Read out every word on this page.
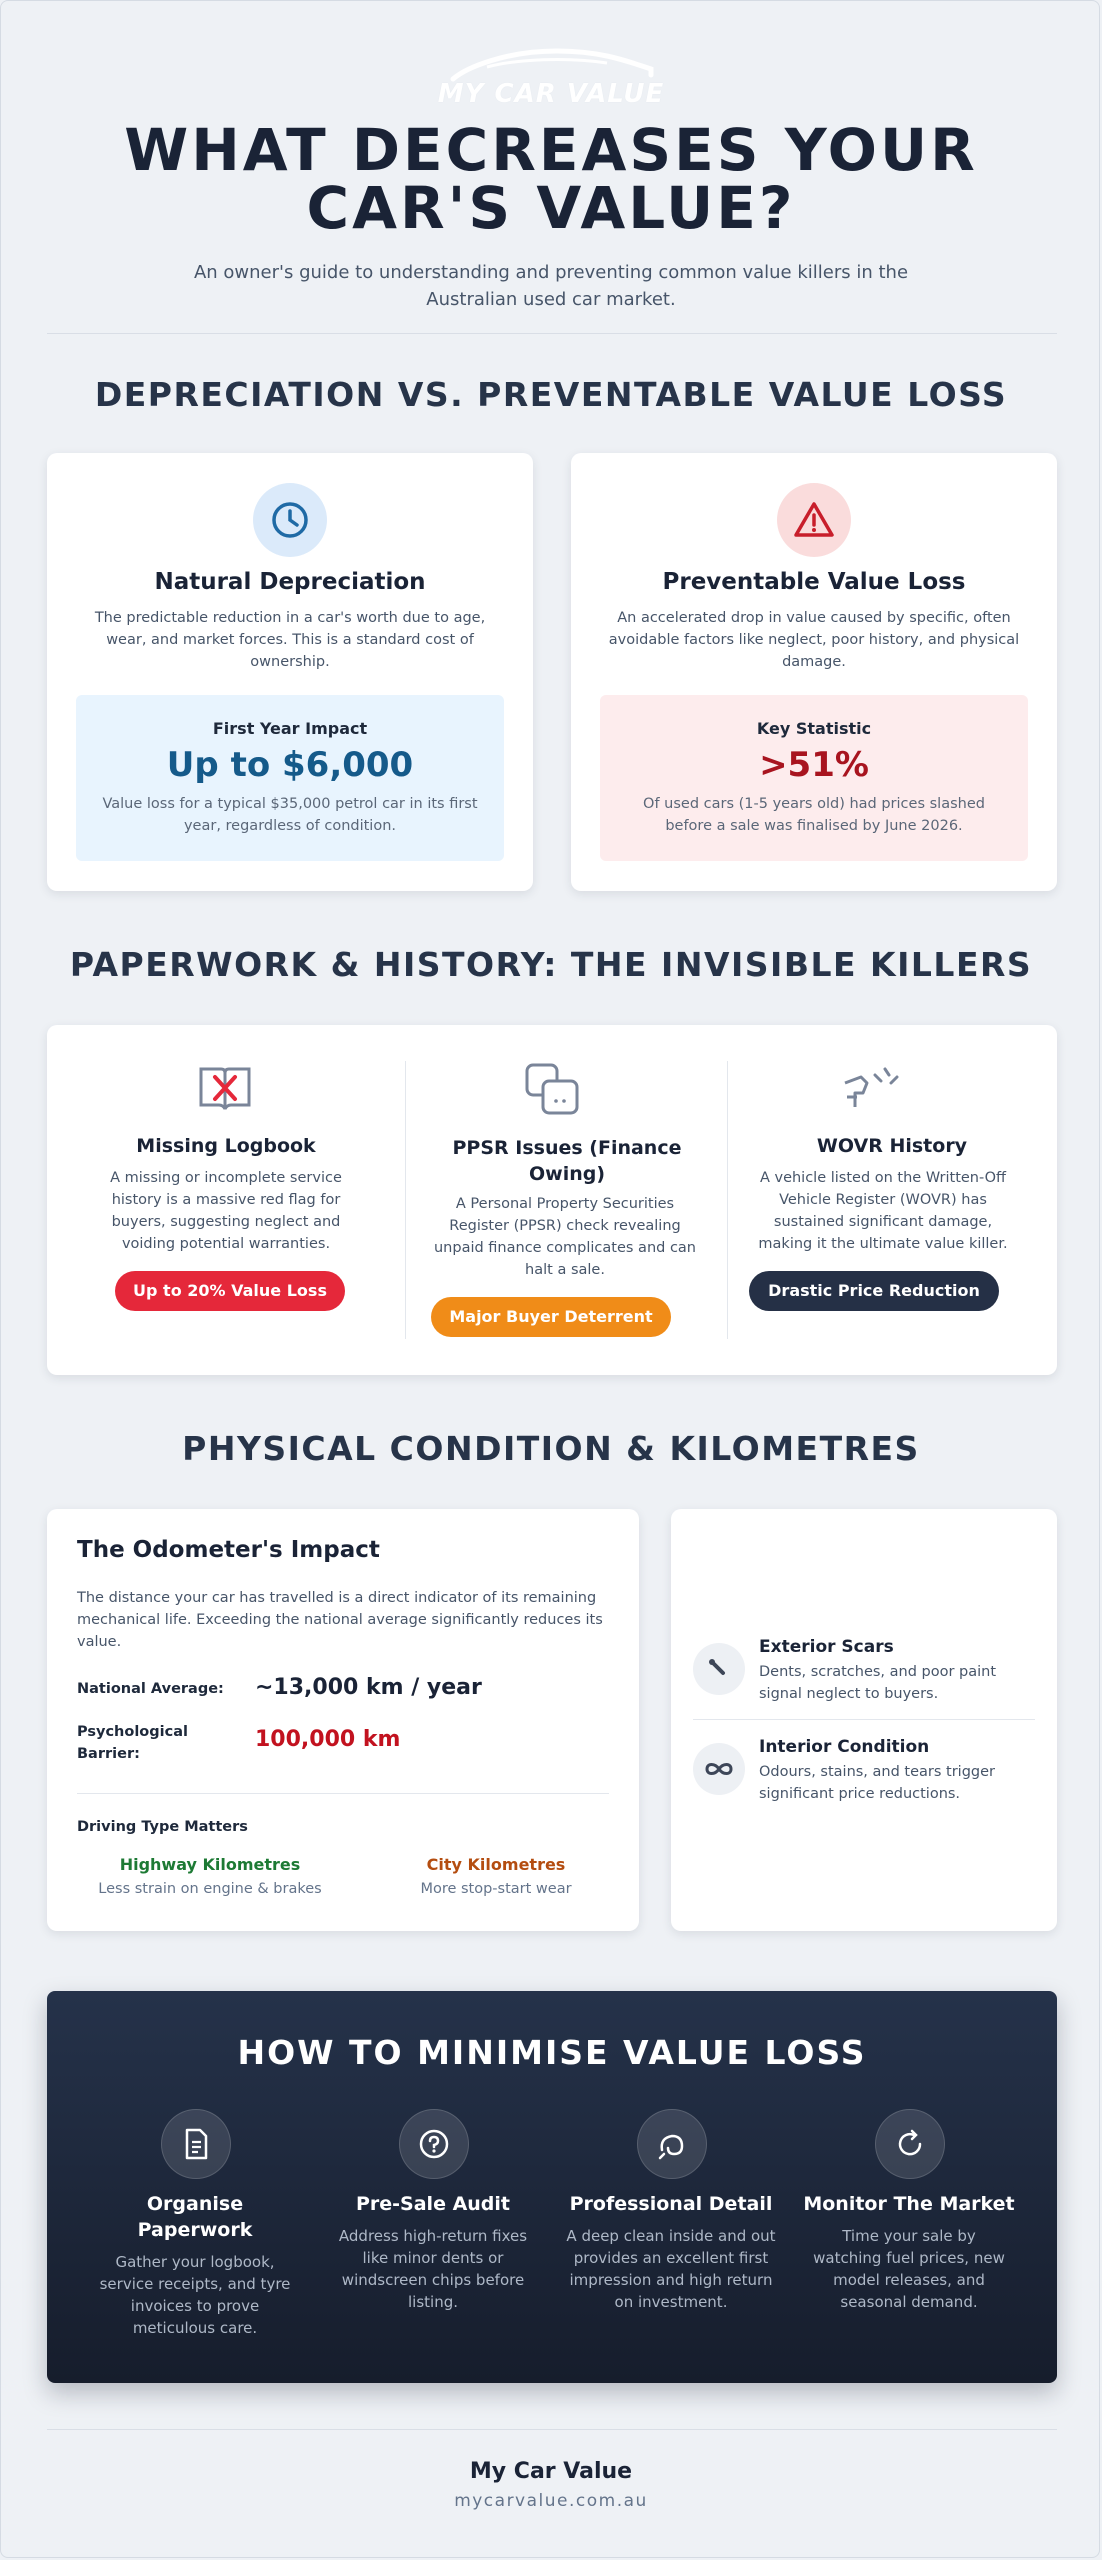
MY CAR VALUE
WHAT DECREASES YOUR
CAR'S VALUE?
An owner's guide to understanding and preventing common value killers in the Australian used car market.
DEPRECIATION VS. PREVENTABLE VALUE LOSS
Natural Depreciation
The predictable reduction in a car's worth due to age, wear, and market forces. This is a standard cost of ownership.
First Year Impact
Up to $6,000
Value loss for a typical $35,000 petrol car in its first year, regardless of condition.
Preventable Value Loss
An accelerated drop in value caused by specific, often avoidable factors like neglect, poor history, and physical damage.
Key Statistic
>51%
Of used cars (1-5 years old) had prices slashed before a sale was finalised by June 2026.
PAPERWORK & HISTORY: THE INVISIBLE KILLERS
Missing Logbook
A missing or incomplete service history is a massive red flag for buyers, suggesting neglect and voiding potential warranties.
Up to 20% Value Loss
PPSR Issues (Finance Owing)
A Personal Property Securities Register (PPSR) check revealing unpaid finance complicates and can halt a sale.
Major Buyer Deterrent
WOVR History
A vehicle listed on the Written-Off Vehicle Register (WOVR) has sustained significant damage, making it the ultimate value killer.
Drastic Price Reduction
PHYSICAL CONDITION & KILOMETRES
The Odometer's Impact
The distance your car has travelled is a direct indicator of its remaining mechanical life. Exceeding the national average significantly reduces its value.
National Average: ~13,000 km / year
Psychological Barrier:
100,000 km
Driving Type Matters
Highway Kilometres
Less strain on engine & brakes
City Kilometres
More stop-start wear
Exterior Scars
Dents, scratches, and poor paint signal neglect to buyers.
Interior Condition
Odours, stains, and tears trigger significant price reductions.
HOW TO MINIMISE VALUE LOSS
Organise Paperwork
Gather your logbook, service receipts, and tyre invoices to prove meticulous care.
Pre-Sale Audit
Address high-return fixes like minor dents or windscreen chips before listing.
Professional Detail
A deep clean inside and out provides an excellent first impression and high return on investment.
Monitor The Market
Time your sale by watching fuel prices, new model releases, and seasonal demand.
My Car Value
mycarvalue.com.au
